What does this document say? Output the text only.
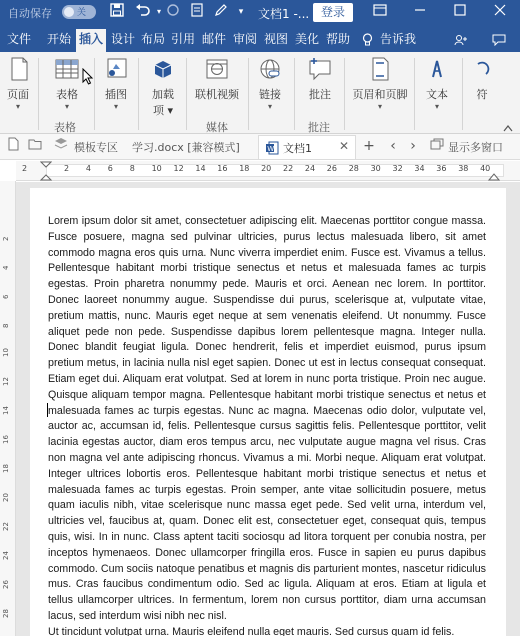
自动保存	关	▾	▾	文档1 -... 登录
文件 开始 插入 设计 布局 引用 邮件 审阅 视图 美化 帮助	告诉我
页面
▾
表格
▾
表格
插图
▾
加载
项 ▾
联机视频
媒体
链接
▾
批注
批注
页眉和页脚
▾
文本
▾
符
模板专区 学习.docx [兼容模式]	W 文档1 ✕ +	‹	›	显示多窗口
2	2 4 6 8 10 12 14 16 18 20 22 24 26 28 30 32 34 36 38 40
2
4
6
8
10
12
14
16
18
20
22
24
26
28

Lorem ipsum dolor sit amet, consectetuer adipiscing elit. Maecenas porttitor congue massa. Fusce posuere, magna sed pulvinar ultricies, purus lectus malesuada libero, sit amet commodo magna eros quis urna. Nunc viverra imperdiet enim. Fusce est. Vivamus a tellus. Pellentesque habitant morbi tristique senectus et netus et malesuada fames ac turpis egestas. Proin pharetra nonummy pede. Mauris et orci. Aenean nec lorem. In porttitor. Donec laoreet nonummy augue. Suspendisse dui purus, scelerisque at, vulputate vitae, pretium mattis, nunc. Mauris eget neque at sem venenatis eleifend. Ut nonummy. Fusce aliquet pede non pede. Suspendisse dapibus lorem pellentesque magna. Integer nulla. Donec blandit feugiat ligula. Donec hendrerit, felis et imperdiet euismod, purus ipsum pretium metus, in lacinia nulla nisl eget sapien. Donec ut est in lectus consequat consequat. Etiam eget dui. Aliquam erat volutpat. Sed at lorem in nunc porta tristique. Proin nec augue. Quisque aliquam tempor magna. Pellentesque habitant morbi tristique senectus et netus et malesuada fames ac turpis egestas. Nunc ac magna. Maecenas odio dolor, vulputate vel, auctor ac, accumsan id, felis. Pellentesque cursus sagittis felis. Pellentesque porttitor, velit lacinia egestas auctor, diam eros tempus arcu, nec vulputate augue magna vel risus. Cras non magna vel ante adipiscing rhoncus. Vivamus a mi. Morbi neque. Aliquam erat volutpat. Integer ultrices lobortis eros. Pellentesque habitant morbi tristique senectus et netus et malesuada fames ac turpis egestas. Proin semper, ante vitae sollicitudin posuere, metus quam iaculis nibh, vitae scelerisque nunc massa eget pede. Sed velit urna, interdum vel, ultricies vel, faucibus at, quam. Donec elit est, consectetuer eget, consequat quis, tempus quis, wisi. In in nunc. Class aptent taciti sociosqu ad litora torquent per conubia nostra, per inceptos hymenaeos. Donec ullamcorper fringilla eros. Fusce in sapien eu purus dapibus commodo. Cum sociis natoque penatibus et magnis dis parturient montes, nascetur ridiculus mus. Cras faucibus condimentum odio. Sed ac ligula. Aliquam at eros. Etiam at ligula et tellus ullamcorper ultrices. In fermentum, lorem non cursus porttitor, diam urna accumsan lacus, sed interdum wisi nibh nec nisl.

Ut tincidunt volutpat urna. Mauris eleifend nulla eget mauris. Sed cursus quam id felis.
